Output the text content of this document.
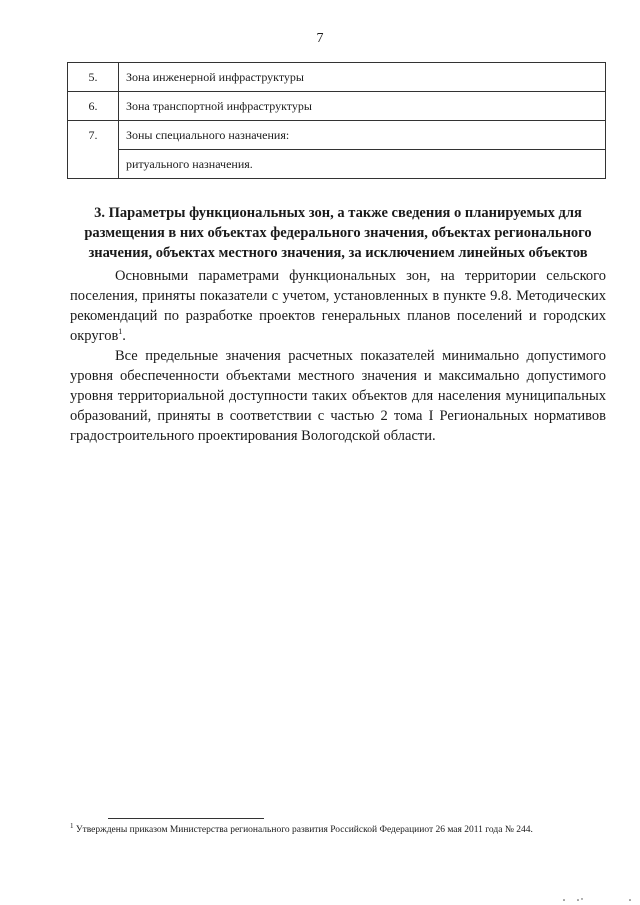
7
5.	Зона инженерной инфраструктуры
6.	Зона транспортной инфраструктуры
7.	Зоны специального назначения:
	ритуального назначения.
3. Параметры функциональных зон, а также сведения о планируемых для размещения в них объектах федерального значения, объектах регионального значения, объектах местного значения, за исключением линейных объектов

Основными параметрами функциональных зон, на территории сельского поселения, приняты показатели с учетом, установленных в пункте 9.8. Методических рекомендаций по разработке проектов генеральных планов поселений и городских округов$^1$.

Все предельные значения расчетных показателей минимально допустимого уровня обеспеченности объектами местного значения и максимально допустимого уровня территориальной доступности таких объектов для населения муниципальных образований, приняты в соответствии с частью 2 тома I Региональных нормативов градостроительного проектирования Вологодской области.

$^1$ Утверждены приказом Министерства регионального развития Российской Федерацииот 26 мая 2011 года № 244.
